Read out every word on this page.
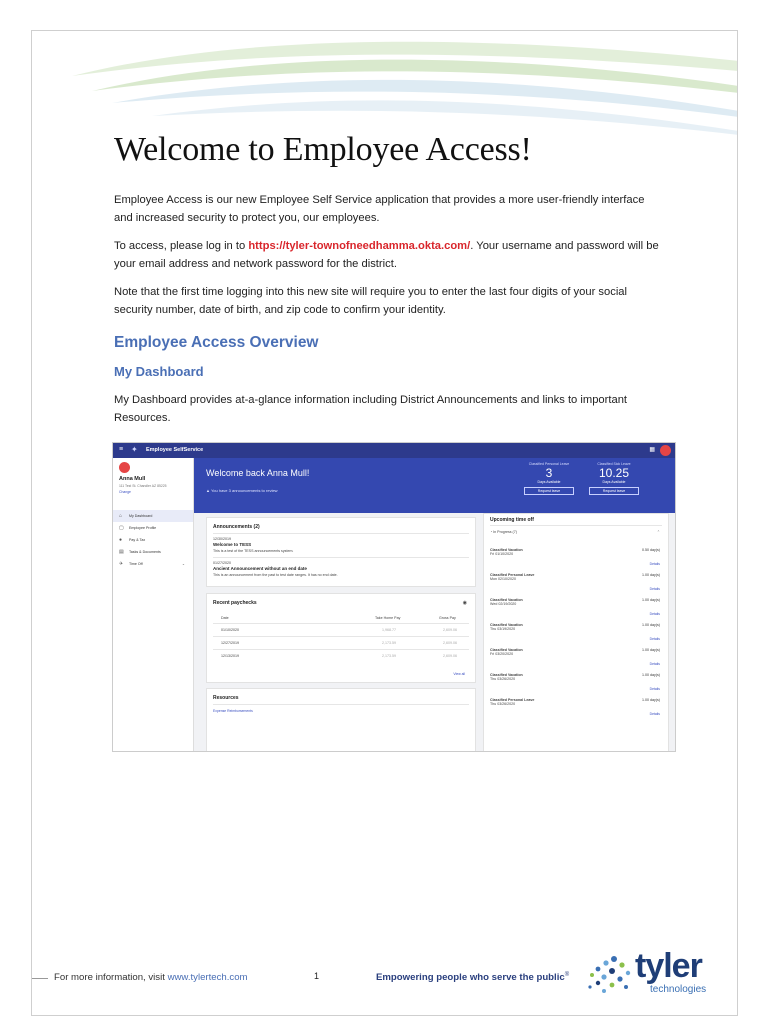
Welcome to Employee Access!

Employee Access is our new Employee Self Service application that provides a more user-friendly interface and increased security to protect you, our employees.

To access, please log in to https://tyler-townofneedhamma.okta.com/. Your username and password will be your email address and network password for the district.

Note that the first time logging into this new site will require you to enter the last four digits of your social security number, date of birth, and zip code to confirm your identity.

Employee Access Overview
My Dashboard

My Dashboard provides at-a-glance information including District Announcements and links to important Resources.

≡ ✦ Employee SelfService	▦
Anna Mull
111 Test St. Chandler AZ 85225
Change
⌂ My Dashboard
▢ Employee Profile
● Pay & Tax
▤ Tasks & Documents
✈ Time Off	⌄
Welcome back Anna Mull!
▲ You have 3 announcements to review
Classified Personal Leave
3
Days Available
Request leave
Classified Sick Leave
10.25
Days Available
Request leave
Announcements (2)
12/30/2019
Welcome to TESS
This is a test of the TESS announcements system.
01/27/2020
Ancient Announcement without an end date
This is an announcement from the past to test date ranges. It has no end date.
Recent paychecks	◉
Date	Take Home Pay	Gross Pay
01/10/2020	1,968.77	2,609.06
12/27/2019	2,173.59	2,609.06
12/13/2019	2,173.59	2,609.06
View all
Resources
Expense Reimbursements
Upcoming time off
◔ In Progress (7)	⌃
Classified Vacation
Fri 01/10/2020
0.50 day(s)
Details
Classified Personal Leave
Mon 02/10/2020
1.00 day(s)
Details
Classified Vacation
Wed 02/19/2020
1.00 day(s)
Details
Classified Vacation
Thu 03/19/2020
1.00 day(s)
Details
Classified Vacation
Fri 03/20/2020
1.00 day(s)
Details
Classified Vacation
Thu 03/26/2020
1.00 day(s)
Details
Classified Personal Leave
Thu 03/26/2020
1.00 day(s)
Details
For more information, visit www.tylertech.com	1	Empowering people who serve the public® tyler
technologies
